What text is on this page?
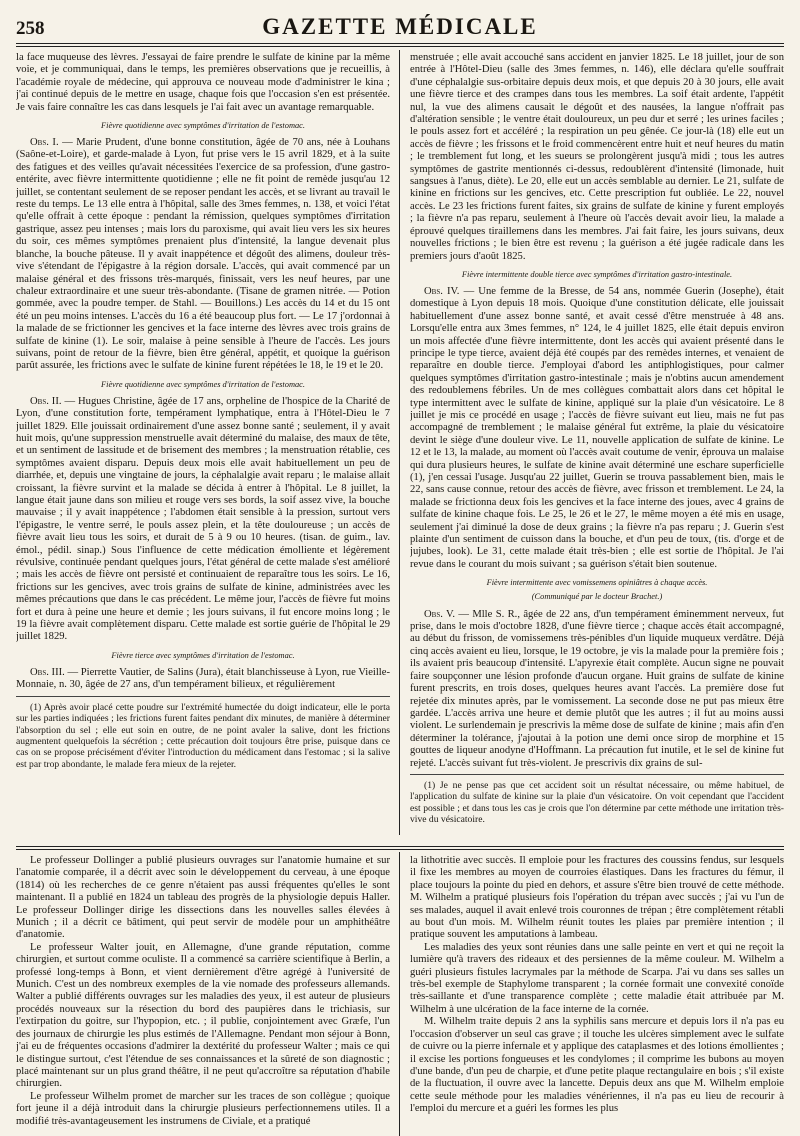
258	GAZETTE MÉDICALE

la face muqueuse des lèvres. J'essayai de faire prendre le sulfate de kinine par la même voie, et je communiquai, dans le temps, les premières observations que je recueillis, à l'académie royale de médecine, qui approuva ce nouveau mode d'administrer le kina ; j'ai continué depuis de le mettre en usage, chaque fois que l'occasion s'en est présentée. Je vais faire connaître les cas dans lesquels je l'ai fait avec un avantage remarquable.

Fièvre quotidienne avec symptômes d'irritation de l'estomac.

Obs. I. — Marie Prudent, d'une bonne constitution, âgée de 70 ans, née à Louhans (Saône-et-Loire), et garde-malade à Lyon, fut prise vers le 15 avril 1829, et à la suite des fatigues et des veilles qu'avait nécessitées l'exercice de sa profession, d'une gastro-entérite, avec fièvre intermittente quotidienne ; elle ne fit point de remède jusqu'au 12 juillet, se contentant seulement de se reposer pendant les accès, et se livrant au travail le reste du temps. Le 13 elle entra à l'hôpital, salle des 3mes femmes, n. 138, et voici l'état qu'elle offrait à cette époque : pendant la rémission, quelques symptômes d'irritation gastrique, assez peu intenses ; mais lors du paroxisme, qui avait lieu vers les six heures du soir, ces mêmes symptômes prenaient plus d'intensité, la langue devenait plus blanche, la bouche pâteuse. Il y avait inappétence et dégoût des alimens, douleur très-vive s'étendant de l'épigastre à la région dorsale. L'accès, qui avait commencé par un malaise général et des frissons très-marqués, finissait, vers les neuf heures, par une chaleur extraordinaire et une sueur très-abondante. (Tisane de gramen nitrée. — Potion gommée, avec la poudre temper. de Stahl. — Bouillons.) Les accès du 14 et du 15 ont été un peu moins intenses. L'accès du 16 a été beaucoup plus fort. — Le 17 j'ordonnai à la malade de se frictionner les gencives et la face interne des lèvres avec trois grains de sulfate de kinine (1). Le soir, malaise à peine sensible à l'heure de l'accès. Les jours suivans, point de retour de la fièvre, bien être général, appétit, et quoique la guérison parût assurée, les frictions avec le sulfate de kinine furent répétées le 18, le 19 et le 20.

Fièvre quotidienne avec symptômes d'irritation de l'estomac.

Obs. II. — Hugues Christine, âgée de 17 ans, orpheline de l'hospice de la Charité de Lyon, d'une constitution forte, tempérament lymphatique, entra à l'Hôtel-Dieu le 7 juillet 1829. Elle jouissait ordinairement d'une assez bonne santé ; seulement, il y avait huit mois, qu'une suppression menstruelle avait déterminé du malaise, des maux de tête, et un sentiment de lassitude et de brisement des membres ; la menstruation rétablie, ces symptômes avaient disparu. Depuis deux mois elle avait habituellement un peu de diarrhée, et, depuis une vingtaine de jours, la céphalalgie avait reparu ; le malaise allait croissant, la fièvre survint et la malade se décida à entrer à l'hôpital. Le 8 juillet, la langue était jaune dans son milieu et rouge vers ses bords, la soif assez vive, la bouche mauvaise ; il y avait inappétence ; l'abdomen était sensible à la pression, surtout vers l'épigastre, le ventre serré, le pouls assez plein, et la tête douloureuse ; un accès de fièvre avait lieu tous les soirs, et durait de 5 à 9 ou 10 heures. (tisan. de guim., lav. émol., pédil. sinap.) Sous l'influence de cette médication émolliente et légèrement révulsive, continuée pendant quelques jours, l'état général de cette malade s'est amélioré ; mais les accès de fièvre ont persisté et continuaient de reparaître tous les soirs. Le 16, frictions sur les gencives, avec trois grains de sulfate de kinine, administrées avec les mêmes précautions que dans le cas précédent. Le même jour, l'accès de fièvre fut moins fort et dura à peine une heure et demie ; les jours suivans, il fut encore moins long ; le 19 la fièvre avait complètement disparu. Cette malade est sortie guérie de l'hôpital le 29 juillet 1829.

Fièvre tierce avec symptômes d'irritation de l'estomac.

Obs. III. — Pierrette Vautier, de Salins (Jura), était blanchisseuse à Lyon, rue Vieille-Monnaie, n. 30, âgée de 27 ans, d'un tempérament bilieux, et régulièrement

(1) Après avoir placé cette poudre sur l'extrémité humectée du doigt indicateur, elle le porta sur les parties indiquées ; les frictions furent faites pendant dix minutes, de manière à déterminer l'absorption du sel ; elle eut soin en outre, de ne point avaler la salive, dont les frictions augmentent quelquefois la sécrétion ; cette précaution doit toujours être prise, puisque dans ce cas on se propose précisément d'éviter l'introduction du médicament dans l'estomac ; si la salive est par trop abondante, le malade fera mieux de la rejeter.

menstruée ; elle avait accouché sans accident en janvier 1825. Le 18 juillet, jour de son entrée à l'Hôtel-Dieu (salle des 3mes femmes, n. 146), elle déclara qu'elle souffrait d'une céphalalgie sus-orbitaire depuis deux mois, et que depuis 20 à 30 jours, elle avait une fièvre tierce et des crampes dans tous les membres. La soif était ardente, l'appétit nul, la vue des alimens causait le dégoût et des nausées, la langue n'offrait pas d'altération sensible ; le ventre était douloureux, un peu dur et serré ; les urines faciles ; le pouls assez fort et accéléré ; la respiration un peu gênée. Ce jour-là (18) elle eut un accès de fièvre ; les frissons et le froid commencèrent entre huit et neuf heures du matin ; le tremblement fut long, et les sueurs se prolongèrent jusqu'à midi ; tous les autres symptômes de gastrite mentionnés ci-dessus, redoublèrent d'intensité (limonade, huit sangsues à l'anus, diète). Le 20, elle eut un accès semblable au dernier. Le 21, sulfate de kinine en frictions sur les gencives, etc. Cette prescription fut oubliée. Le 22, nouvel accès. Le 23 les frictions furent faites, six grains de sulfate de kinine y furent employés ; la fièvre n'a pas reparu, seulement à l'heure où l'accès devait avoir lieu, la malade a éprouvé quelques tiraillemens dans les membres. J'ai fait faire, les jours suivans, deux nouvelles frictions ; le bien être est revenu ; la guérison a été jugée radicale dans les premiers jours d'août 1825.

Fièvre intermittente double tierce avec symptômes d'irritation gastro-intestinale.

Obs. IV. — Une femme de la Bresse, de 54 ans, nommée Guerin (Josephe), était domestique à Lyon depuis 18 mois. Quoique d'une constitution délicate, elle jouissait habituellement d'une assez bonne santé, et avait cessé d'être menstruée à 48 ans. Lorsqu'elle entra aux 3mes femmes, n° 124, le 4 juillet 1825, elle était depuis environ un mois affectée d'une fièvre intermittente, dont les accès qui avaient présenté dans le principe le type tierce, avaient déjà été coupés par des remèdes internes, et venaient de reparaître en double tierce. J'employai d'abord les antiphlogistiques, pour calmer quelques symptômes d'irritation gastro-intestinale ; mais je n'obtins aucun amendement des redoublemens fébriles. Un de mes collègues combattait alors dans cet hôpital le type intermittent avec le sulfate de kinine, appliqué sur la plaie d'un vésicatoire. Le 8 juillet je mis ce procédé en usage ; l'accès de fièvre suivant eut lieu, mais ne fut pas accompagné de tremblement ; le malaise général fut extrême, la plaie du vésicatoire devint le siège d'une douleur vive. Le 11, nouvelle application de sulfate de kinine. Le 12 et le 13, la malade, au moment où l'accès avait coutume de venir, éprouva un malaise qui dura plusieurs heures, le sulfate de kinine avait déterminé une eschare superficielle (1), j'en cessai l'usage. Jusqu'au 22 juillet, Guerin se trouva passablement bien, mais le 22, sans cause connue, retour des accès de fièvre, avec frisson et tremblement. Le 24, la malade se frictionna deux fois les gencives et la face interne des joues, avec 4 grains de sulfate de kinine chaque fois. Le 25, le 26 et le 27, le même moyen a été mis en usage, seulement j'ai diminué la dose de deux grains ; la fièvre n'a pas reparu ; J. Guerin s'est plainte d'un sentiment de cuisson dans la bouche, et d'un peu de toux, (tis. d'orge et de jujubes, look). Le 31, cette malade était très-bien ; elle est sortie de l'hôpital. Je l'ai revue dans le courant du mois suivant ; sa guérison s'était bien soutenue.

Fièvre intermittente avec vomissemens opiniâtres à chaque accès.
(Communiqué par le docteur Brachet.)

Obs. V. — Mlle S. R., âgée de 22 ans, d'un tempérament éminemment nerveux, fut prise, dans le mois d'octobre 1828, d'une fièvre tierce ; chaque accès était accompagné, au début du frisson, de vomissemens très-pénibles d'un liquide muqueux verdâtre. Déjà cinq accès avaient eu lieu, lorsque, le 19 octobre, je vis la malade pour la première fois ; ils avaient pris beaucoup d'intensité. L'apyrexie était complète. Aucun signe ne pouvait faire soupçonner une lésion profonde d'aucun organe. Huit grains de sulfate de kinine furent prescrits, en trois doses, quelques heures avant l'accès. La première dose fut rejetée dix minutes après, par le vomissement. La seconde dose ne put pas mieux être gardée. L'accès arriva une heure et demie plutôt que les autres ; il fut au moins aussi violent. Le surlendemain je prescrivis la même dose de sulfate de kinine ; mais afin d'en déterminer la tolérance, j'ajoutai à la potion une demi once sirop de morphine et 15 gouttes de liqueur anodyne d'Hoffmann. La précaution fut inutile, et le sel de kinine fut rejeté. L'accès suivant fut très-violent. Je prescrivis dix grains de sul-

(1) Je ne pense pas que cet accident soit un résultat nécessaire, ou même habituel, de l'application du sulfate de kinine sur la plaie d'un vésicatoire. On voit cependant que l'accident est possible ; et dans tous les cas je crois que l'on détermine par cette méthode une irritation très-vive du vésicatoire.

Le professeur Dollinger a publié plusieurs ouvrages sur l'anatomie humaine et sur l'anatomie comparée, il a décrit avec soin le développement du cerveau, à une époque (1814) où les recherches de ce genre n'étaient pas aussi fréquentes qu'elles le sont maintenant. Il a publié en 1824 un tableau des progrès de la physiologie depuis Haller. Le professeur Dollinger dirige les dissections dans les nouvelles salles élevées à Munich ; il a décrit ce bâtiment, qui peut servir de modèle pour un amphithéâtre d'anatomie.

Le professeur Walter jouit, en Allemagne, d'une grande réputation, comme chirurgien, et surtout comme oculiste. Il a commencé sa carrière scientifique à Berlin, a professé long-temps à Bonn, et vient dernièrement d'être agrégé à l'université de Munich. C'est un des nombreux exemples de la vie nomade des professeurs allemands. Walter a publié différents ouvrages sur les maladies des yeux, il est auteur de plusieurs procédés nouveaux sur la résection du bord des paupières dans le trichiasis, sur l'extirpation du goitre, sur l'hypopion, etc. ; il publie, conjointement avec Græfe, l'un des journaux de chirurgie les plus estimés de l'Allemagne. Pendant mon séjour à Bonn, j'ai eu de fréquentes occasions d'admirer la dextérité du professeur Walter ; mais ce qui le distingue surtout, c'est l'étendue de ses connaissances et la sûreté de son diagnostic ; placé maintenant sur un plus grand théâtre, il ne peut qu'accroître sa réputation d'habile chirurgien.

Le professeur Wilhelm promet de marcher sur les traces de son collègue ; quoique fort jeune il a déjà introduit dans la chirurgie plusieurs perfectionnemens utiles. Il a modifié très-avantageusement les instrumens de Civiale, et a pratiqué

la lithotritie avec succès. Il emploie pour les fractures des coussins fendus, sur lesquels il fixe les membres au moyen de courroies élastiques. Dans les fractures du fémur, il place toujours la pointe du pied en dehors, et assure s'être bien trouvé de cette méthode. M. Wilhelm a pratiqué plusieurs fois l'opération du trépan avec succès ; j'ai vu l'un de ses malades, auquel il avait enlevé trois couronnes de trépan ; être complètement rétabli au bout d'un mois. M. Wilhelm réunit toutes les plaies par première intention ; il pratique souvent les amputations à lambeau.

Les maladies des yeux sont réunies dans une salle peinte en vert et qui ne reçoit la lumière qu'à travers des rideaux et des persiennes de la même couleur. M. Wilhelm a guéri plusieurs fistules lacrymales par la méthode de Scarpa. J'ai vu dans ses salles un très-bel exemple de Staphylome transparent ; la cornée formait une convexité conoïde très-saillante et d'une transparence complète ; cette maladie était attribuée par M. Wilhelm à une ulcération de la face interne de la cornée.

M. Wilhelm traite depuis 2 ans la syphilis sans mercure et depuis lors il n'a pas eu l'occasion d'observer un seul cas grave ; il touche les ulcères simplement avec le sulfate de cuivre ou la pierre infernale et y applique des cataplasmes et des lotions émollientes ; il excise les portions fongueuses et les condylomes ; il comprime les bubons au moyen d'une bande, d'un peu de charpie, et d'une petite plaque rectangulaire en bois ; s'il existe de la fluctuation, il ouvre avec la lancette. Depuis deux ans que M. Wilhelm emploie cette seule méthode pour les maladies vénériennes, il n'a pas eu lieu de recourir à l'emploi du mercure et a guéri les formes les plus
